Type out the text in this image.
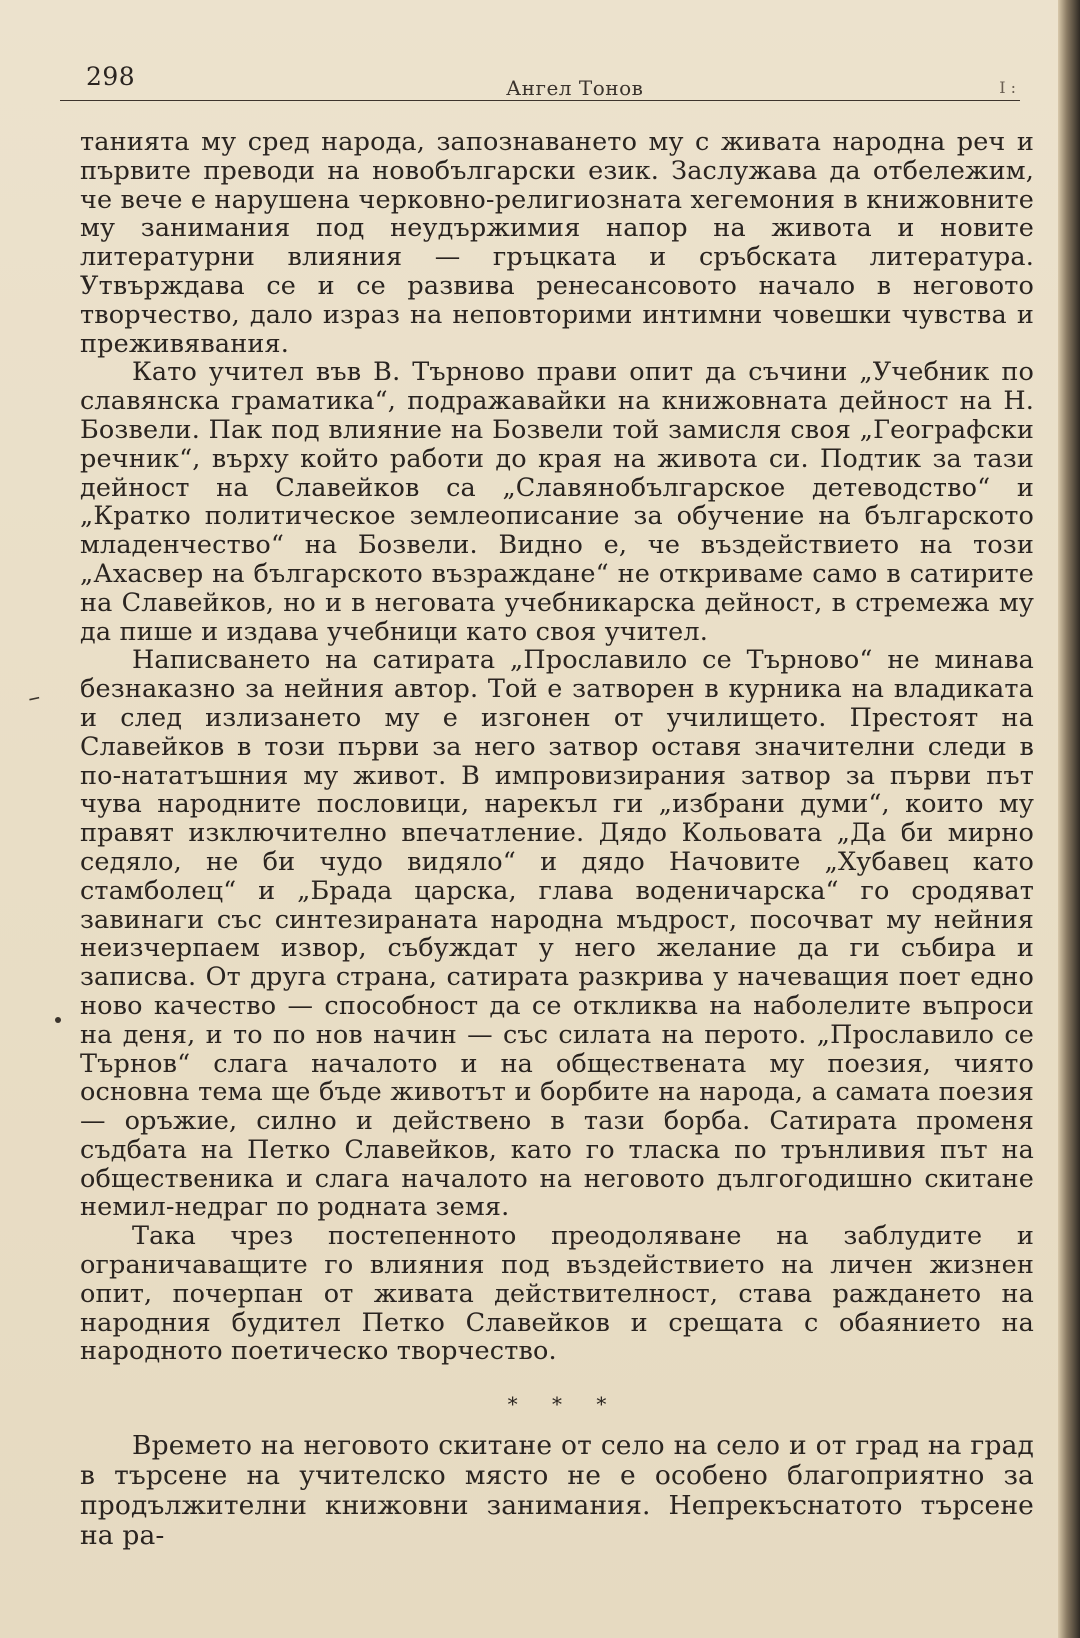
298	Ангел Тонов	I :
–

танията му сред народа, запознаването му с живата народна реч и първите преводи на новобългарски език. Заслужава да отбележим, че вече е нарушена черковно-религиозната хегемония в книжовните му занимания под неудържимия напор на живота и новите литературни влияния — гръцката и сръбската литература. Утвърждава се и се развива ренесансовото начало в неговото творчество, дало израз на неповторими интимни човешки чувства и преживявания.

Като учител във В. Търново прави опит да съчини „Учебник по славянска граматика“, подражавайки на книжовната дейност на Н. Бозвели. Пак под влияние на Бозвели той замисля своя „Географски речник“, върху който работи до края на живота си. Подтик за тази дейност на Славейков са „Славянобългарское детеводство“ и „Кратко политическое землеописание за обучение на българското младенчество“ на Бозвели. Видно е, че въздействието на този „Ахасвер на българското възраждане“ не откриваме само в сатирите на Славейков, но и в неговата учебникарска дейност, в стремежа му да пише и издава учебници като своя учител.

Написването на сатирата „Прославило се Търново“ не минава безнаказно за нейния автор. Той е затворен в курника на владиката и след излизането му е изгонен от училището. Престоят на Славейков в този първи за него затвор оставя значителни следи в по-нататъшния му живот. В импровизирания затвор за първи път чува народните пословици, нарекъл ги „избрани думи“, които му правят изключително впечатление. Дядо Кольовата „Да би мирно седяло, не би чудо видяло“ и дядо Начовите „Хубавец като стамболец“ и „Брада царска, глава воденичарска“ го сродяват завинаги със синтезираната народна мъдрост, посочват му нейния неизчерпаем извор, събуждат у него желание да ги събира и записва. От друга страна, сатирата разкрива у начеващия поет едно ново качество — способност да се откликва на наболелите въпроси на деня, и то по нов начин — със силата на перото. „Прославило се Търнов“ слага началото и на обществената му поезия, чиято основна тема ще бъде животът и борбите на народа, а самата поезия — оръжие, силно и действено в тази борба. Сатирата променя съдбата на Петко Славейков, като го тласка по трънливия път на общественика и слага началото на неговото дългогодишно скитане немил-недраг по родната земя.

Така чрез постепенното преодоляване на заблудите и ограничаващите го влияния под въздействието на личен жизнен опит, почерпан от живата действителност, става раждането на народния будител Петко Славейков и срещата с обаянието на народното поетическо творчество.

* * *

Времето на неговото скитане от село на село и от град на град в търсене на учителско място не е особено благоприятно за продължителни книжовни занимания. Непрекъснатото търсене на ра-
